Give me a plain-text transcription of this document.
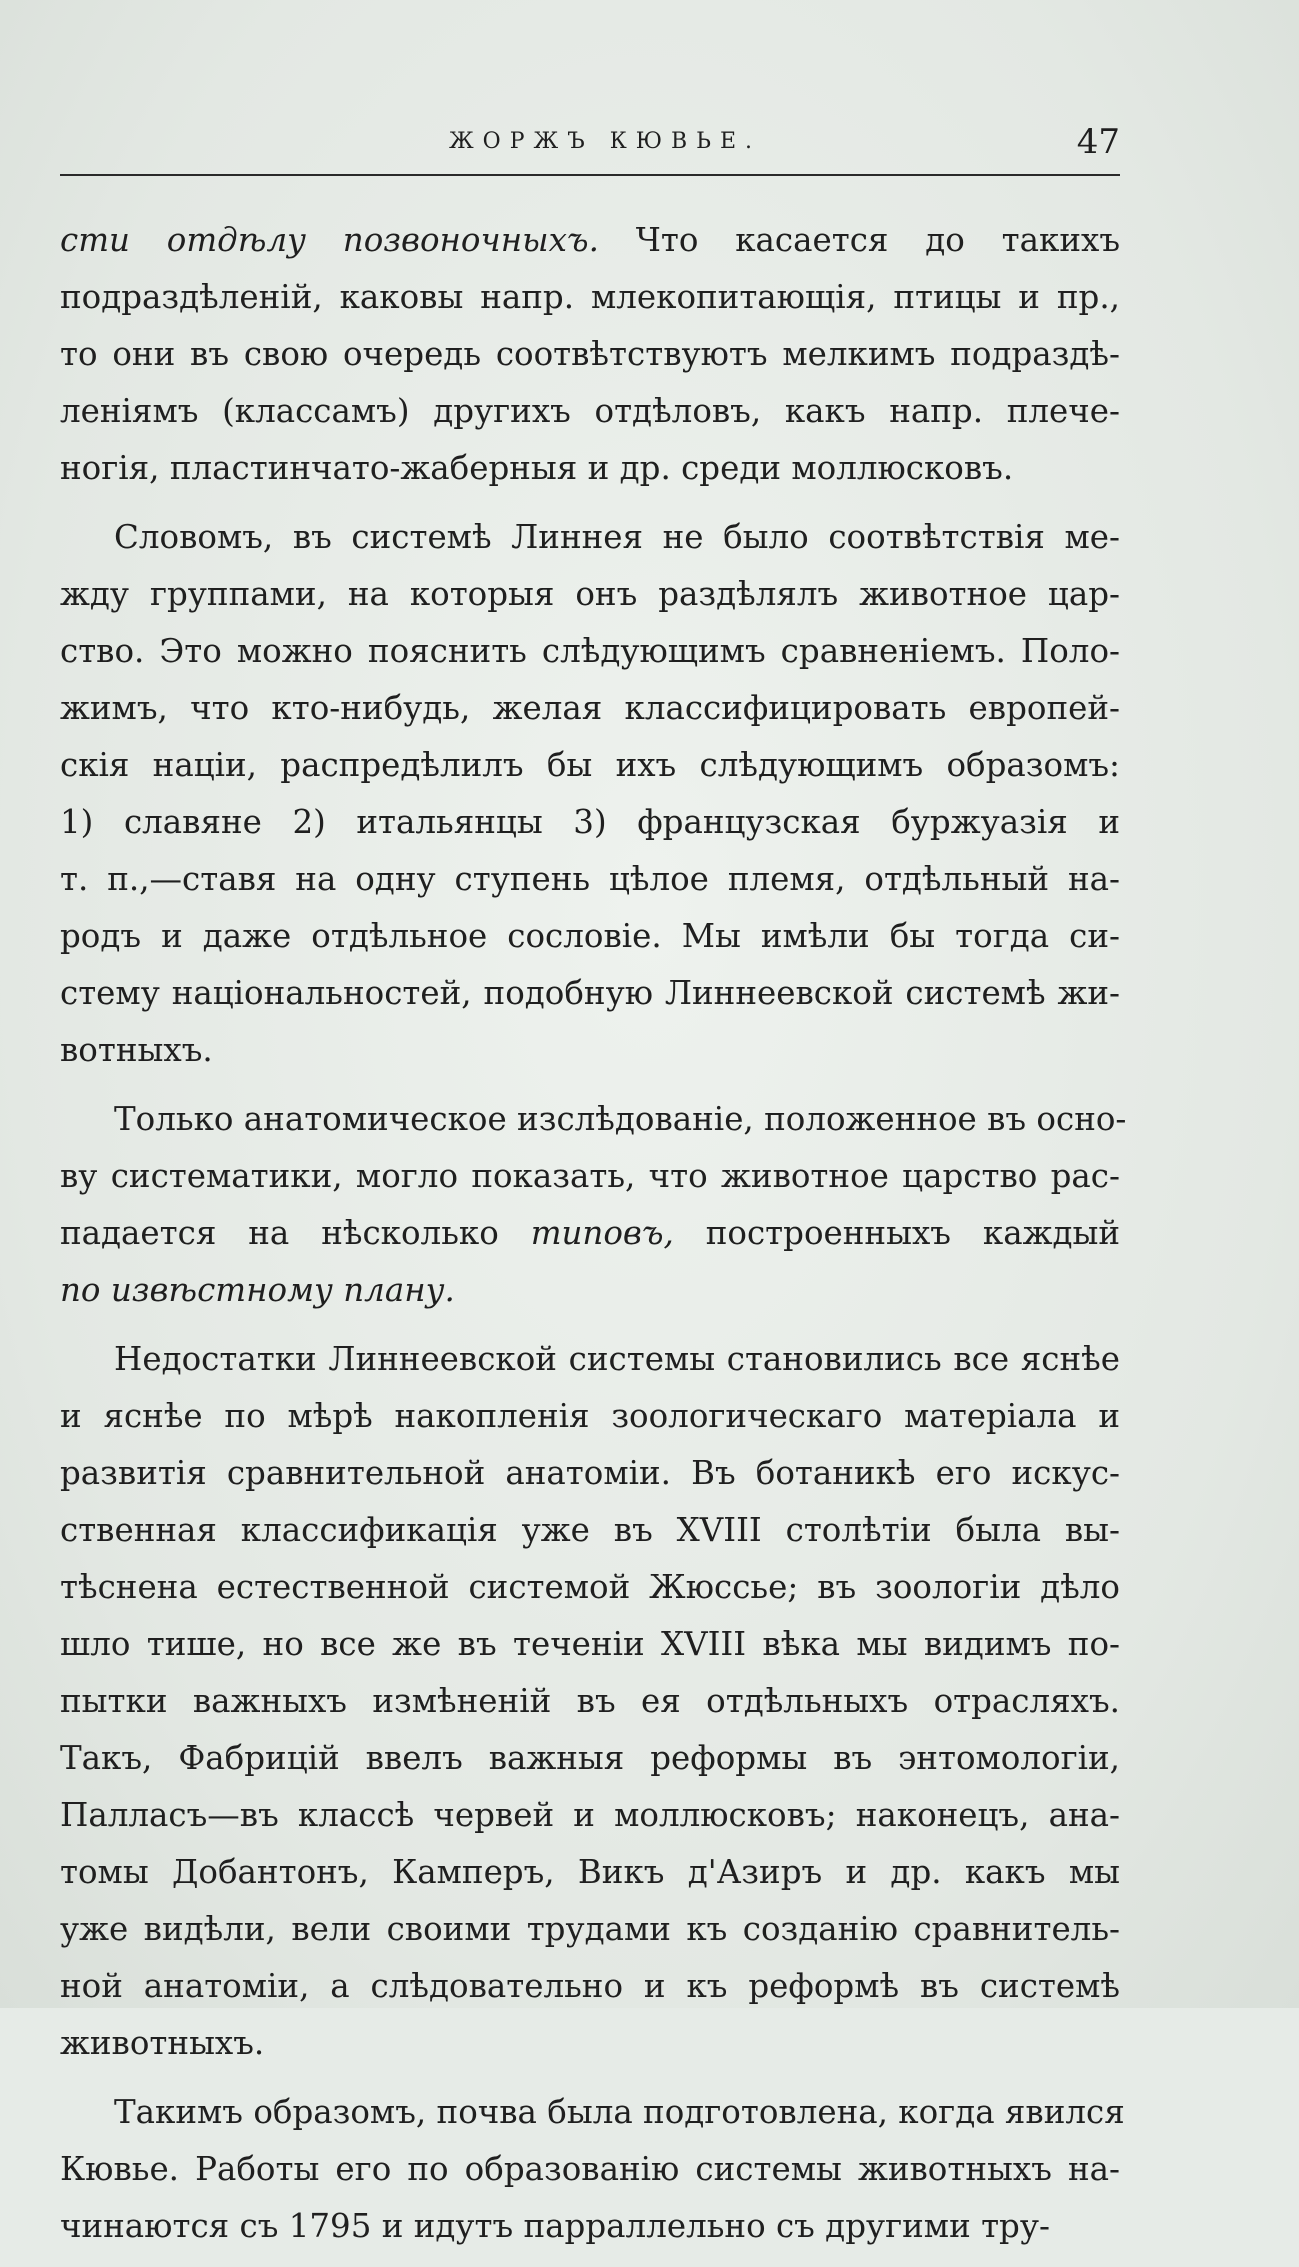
ЖОРЖЪ КЮВЬЕ.	47
сти отдѣлу позвоночныхъ. Что касается до такихъ
подраздѣленій, каковы напр. млекопитающія, птицы и пр.,
то они въ свою очередь соотвѣтствуютъ мелкимъ подраздѣ-
леніямъ (классамъ) другихъ отдѣловъ, какъ напр. плече-
ногія, пластинчато-жаберныя и др. среди моллюсковъ.
Словомъ, въ системѣ Линнея не было соотвѣтствія ме-
жду группами, на которыя онъ раздѣлялъ животное цар-
ство. Это можно пояснить слѣдующимъ сравненіемъ. Поло-
жимъ, что кто-нибудь, желая классифицировать европей-
скія націи, распредѣлилъ бы ихъ слѣдующимъ образомъ:
1) славяне 2) итальянцы 3) французская буржуазія и
т. п.,—ставя на одну ступень цѣлое племя, отдѣльный на-
родъ и даже отдѣльное сословіе. Мы имѣли бы тогда си-
стему національностей, подобную Линнеевской системѣ жи-
вотныхъ.
Только анатомическое изслѣдованіе, положенное въ осно-
ву систематики, могло показать, что животное царство рас-
падается на нѣсколько типовъ, построенныхъ каждый
по извѣстному плану.
Недостатки Линнеевской системы становились все яснѣе
и яснѣе по мѣрѣ накопленія зоологическаго матеріала и
развитія сравнительной анатоміи. Въ ботаникѣ его искус-
ственная классификація уже въ XVIII столѣтіи была вы-
тѣснена естественной системой Жюссье; въ зоологіи дѣло
шло тише, но все же въ теченіи XVIII вѣка мы видимъ по-
пытки важныхъ измѣненій въ ея отдѣльныхъ отрасляхъ.
Такъ, Фабрицій ввелъ важныя реформы въ энтомологіи,
Палласъ—въ классѣ червей и моллюсковъ; наконецъ, ана-
томы Добантонъ, Камперъ, Викъ д'Азиръ и др. какъ мы
уже видѣли, вели своими трудами къ созданію сравнитель-
ной анатоміи, а слѣдовательно и къ реформѣ въ системѣ
животныхъ.
Такимъ образомъ, почва была подготовлена, когда явился
Кювье. Работы его по образованію системы животныхъ на-
чинаются съ 1795 и идутъ парраллельно съ другими тру-
